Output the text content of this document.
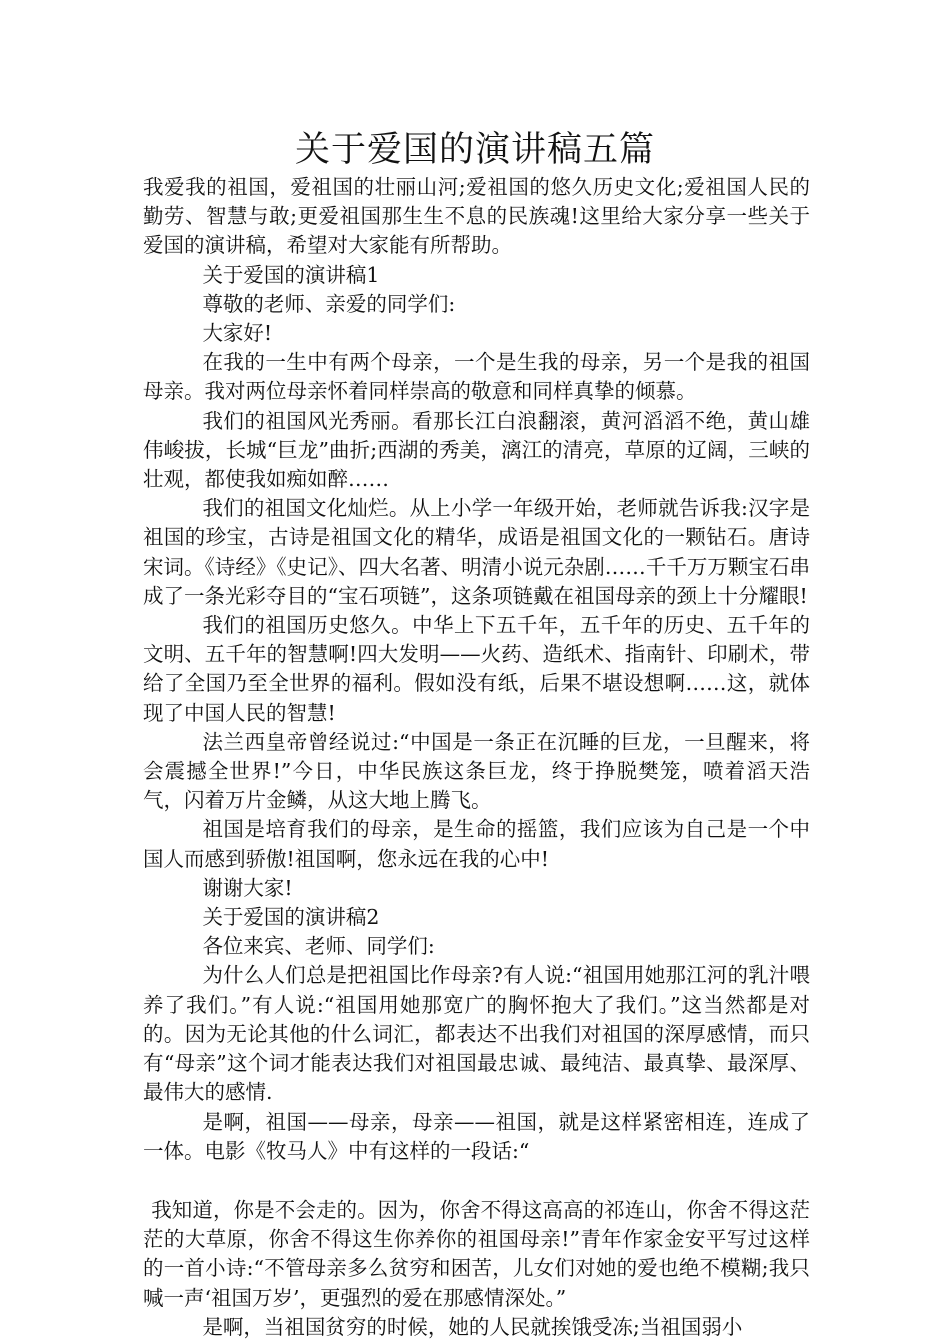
关于爱国的演讲稿五篇

我爱我的祖国，爱祖国的壮丽山河;爱祖国的悠久历史文化;爱祖国人民的勤劳、智慧与敢;更爱祖国那生生不息的民族魂!这里给大家分享一些关于爱国的演讲稿，希望对大家能有所帮助。

关于爱国的演讲稿1

尊敬的老师、亲爱的同学们:

大家好!

在我的一生中有两个母亲，一个是生我的母亲，另一个是我的祖国母亲。我对两位母亲怀着同样崇高的敬意和同样真挚的倾慕。

我们的祖国风光秀丽。看那长江白浪翻滚，黄河滔滔不绝，黄山雄伟峻拔，长城“巨龙”曲折;西湖的秀美，漓江的清亮，草原的辽阔，三峡的壮观，都使我如痴如醉……

我们的祖国文化灿烂。从上小学一年级开始，老师就告诉我:汉字是祖国的珍宝，古诗是祖国文化的精华，成语是祖国文化的一颗钻石。唐诗宋词。《诗经》《史记》、四大名著、明清小说元杂剧……千千万万颗宝石串成了一条光彩夺目的“宝石项链”，这条项链戴在祖国母亲的颈上十分耀眼!

我们的祖国历史悠久。中华上下五千年，五千年的历史、五千年的文明、五千年的智慧啊!四大发明——火药、造纸术、指南针、印刷术，带给了全国乃至全世界的福利。假如没有纸，后果不堪设想啊……这，就体现了中国人民的智慧!

法兰西皇帝曾经说过:“中国是一条正在沉睡的巨龙，一旦醒来，将会震撼全世界!”今日，中华民族这条巨龙，终于挣脱樊笼，喷着滔天浩气，闪着万片金鳞，从这大地上腾飞。

祖国是培育我们的母亲，是生命的摇篮，我们应该为自己是一个中国人而感到骄傲!祖国啊，您永远在我的心中!

谢谢大家!

关于爱国的演讲稿2

各位来宾、老师、同学们:

为什么人们总是把祖国比作母亲?有人说:“祖国用她那江河的乳汁喂养了我们。”有人说:“祖国用她那宽广的胸怀抱大了我们。”这当然都是对的。因为无论其他的什么词汇，都表达不出我们对祖国的深厚感情，而只有“母亲”这个词才能表达我们对祖国最忠诚、最纯洁、最真挚、最深厚、最伟大的感情.

是啊，祖国——母亲，母亲——祖国，就是这样紧密相连，连成了一体。电影《牧马人》中有这样的一段话:“

我知道，你是不会走的。因为，你舍不得这高高的祁连山，你舍不得这茫茫的大草原，你舍不得这生你养你的祖国母亲!”青年作家金安平写过这样的一首小诗:“不管母亲多么贫穷和困苦，儿女们对她的爱也绝不模糊;我只喊一声‘祖国万岁’，更强烈的爱在那感情深处。”

是啊，当祖国贫穷的时候，她的人民就挨饿受冻;当祖国弱小
